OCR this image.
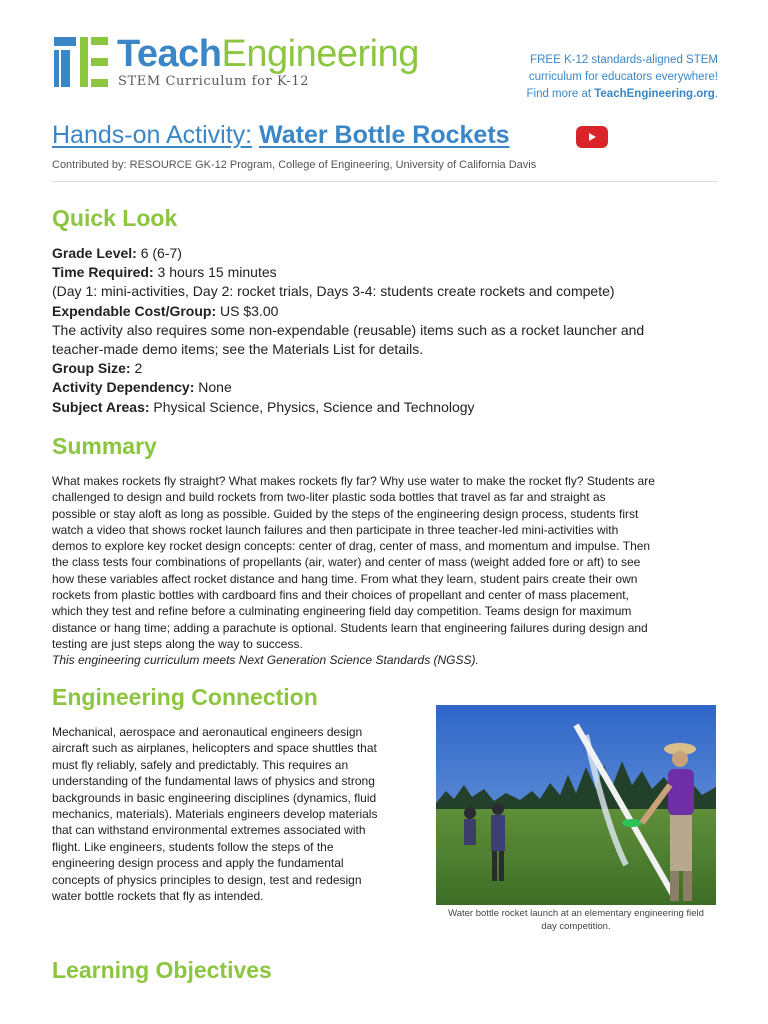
TeachEngineering
STEM Curriculum for K-12
FREE K-12 standards-aligned STEM
curriculum for educators everywhere!
Find more at TeachEngineering.org.
Hands-on Activity: Water Bottle Rockets
Contributed by: RESOURCE GK-12 Program, College of Engineering, University of California Davis
Quick Look
Grade Level: 6 (6-7)
Time Required: 3 hours 15 minutes
(Day 1: mini-activities, Day 2: rocket trials, Days 3-4: students create rockets and compete)
Expendable Cost/Group: US $3.00
The activity also requires some non-expendable (reusable) items such as a rocket launcher and
teacher-made demo items; see the Materials List for details.
Group Size: 2
Activity Dependency: None
Subject Areas: Physical Science, Physics, Science and Technology
Summary
What makes rockets fly straight? What makes rockets fly far? Why use water to make the rocket fly? Students are
challenged to design and build rockets from two-liter plastic soda bottles that travel as far and straight as
possible or stay aloft as long as possible. Guided by the steps of the engineering design process, students first
watch a video that shows rocket launch failures and then participate in three teacher-led mini-activities with
demos to explore key rocket design concepts: center of drag, center of mass, and momentum and impulse. Then
the class tests four combinations of propellants (air, water) and center of mass (weight added fore or aft) to see
how these variables affect rocket distance and hang time. From what they learn, student pairs create their own
rockets from plastic bottles with cardboard fins and their choices of propellant and center of mass placement,
which they test and refine before a culminating engineering field day competition. Teams design for maximum
distance or hang time; adding a parachute is optional. Students learn that engineering failures during design and
testing are just steps along the way to success.
This engineering curriculum meets Next Generation Science Standards (NGSS).
Engineering Connection
Mechanical, aerospace and aeronautical engineers design
aircraft such as airplanes, helicopters and space shuttles that
must fly reliably, safely and predictably. This requires an
understanding of the fundamental laws of physics and strong
backgrounds in basic engineering disciplines (dynamics, fluid
mechanics, materials). Materials engineers develop materials
that can withstand environmental extremes associated with
flight. Like engineers, students follow the steps of the
engineering design process and apply the fundamental
concepts of physics principles to design, test and redesign
water bottle rockets that fly as intended.
Water bottle rocket launch at an elementary engineering field
day competition.
Learning Objectives
